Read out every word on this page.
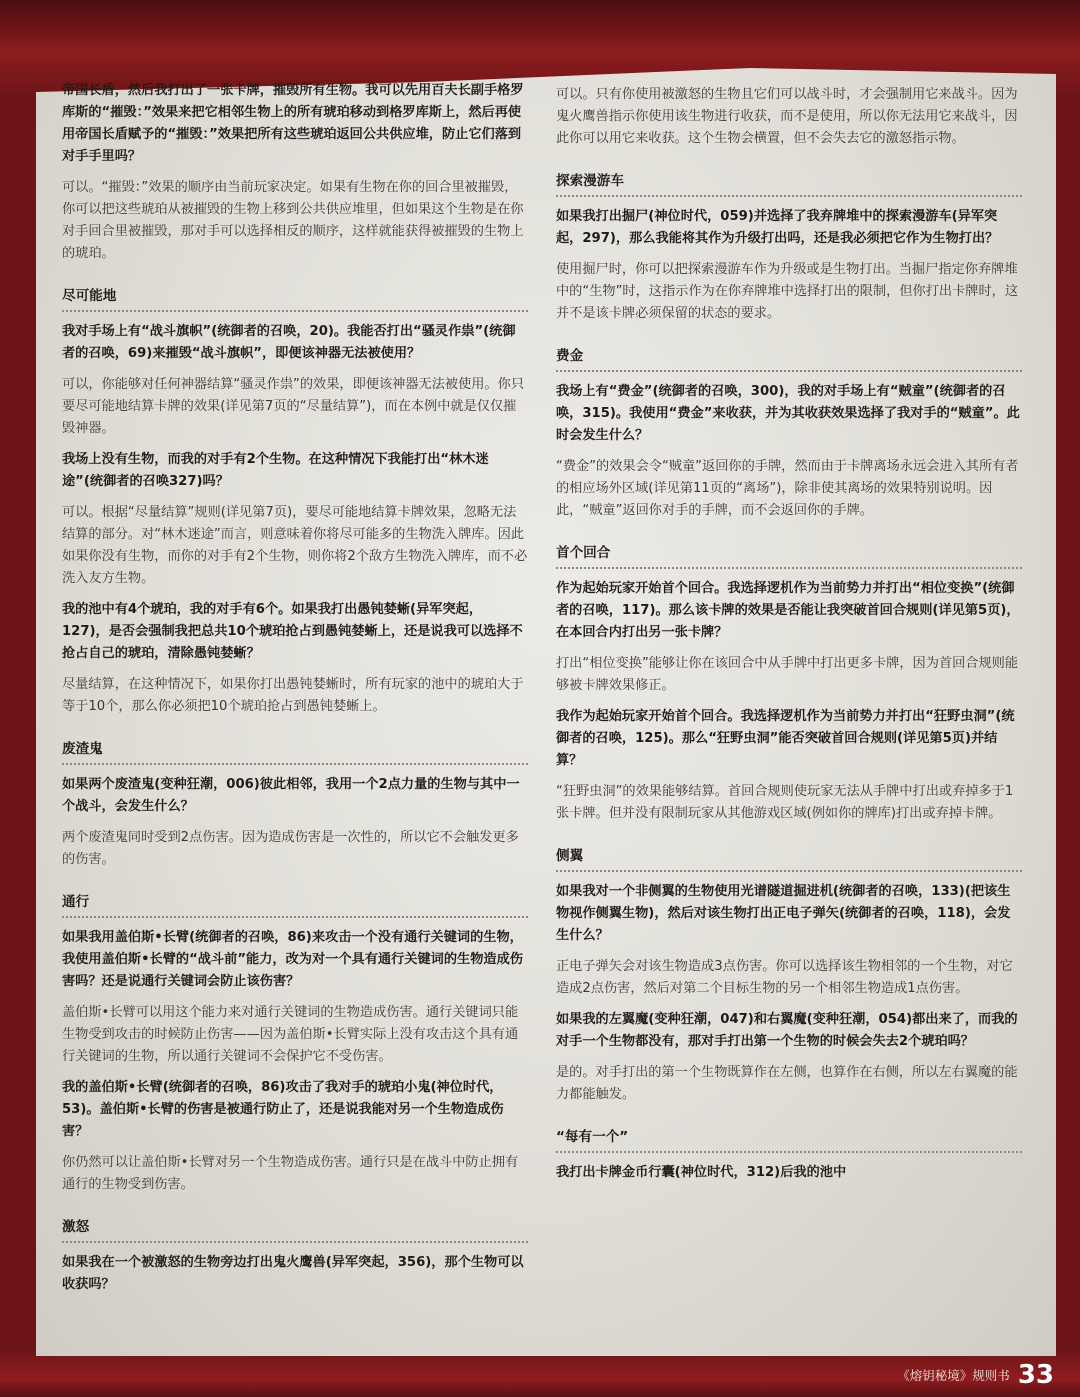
帝国长盾，然后我打出了一张卡牌，摧毁所有生物。我可以先用百夫长副手格罗库斯的“摧毁：”效果来把它相邻生物上的所有琥珀移动到格罗库斯上，然后再使用帝国长盾赋予的“摧毁：”效果把所有这些琥珀返回公共供应堆，防止它们落到对手手里吗？

可以。“摧毁：”效果的顺序由当前玩家决定。如果有生物在你的回合里被摧毁，你可以把这些琥珀从被摧毁的生物上移到公共供应堆里，但如果这个生物是在你对手回合里被摧毁，那对手可以选择相反的顺序，这样就能获得被摧毁的生物上的琥珀。

尽可能地

我对手场上有“战斗旗帜”(统御者的召唤，20)。我能否打出“骚灵作祟”(统御者的召唤，69)来摧毁“战斗旗帜”，即便该神器无法被使用？

可以，你能够对任何神器结算“骚灵作祟”的效果，即便该神器无法被使用。你只要尽可能地结算卡牌的效果(详见第7页的“尽量结算”)，而在本例中就是仅仅摧毁神器。

我场上没有生物，而我的对手有2个生物。在这种情况下我能打出“林木迷途”(统御者的召唤327)吗？

可以。根据“尽量结算”规则(详见第7页)，要尽可能地结算卡牌效果，忽略无法结算的部分。对“林木迷途”而言，则意味着你将尽可能多的生物洗入牌库。因此如果你没有生物，而你的对手有2个生物，则你将2个敌方生物洗入牌库，而不必洗入友方生物。

我的池中有4个琥珀，我的对手有6个。如果我打出愚钝婪蜥(异军突起，127)，是否会强制我把总共10个琥珀抢占到愚钝婪蜥上，还是说我可以选择不抢占自己的琥珀，清除愚钝婪蜥？

尽量结算，在这种情况下，如果你打出愚钝婪蜥时，所有玩家的池中的琥珀大于等于10个，那么你必须把10个琥珀抢占到愚钝婪蜥上。

废渣鬼

如果两个废渣鬼(变种狂潮，006)彼此相邻，我用一个2点力量的生物与其中一个战斗，会发生什么？

两个废渣鬼同时受到2点伤害。因为造成伤害是一次性的，所以它不会触发更多的伤害。

通行

如果我用盖伯斯•长臂(统御者的召唤，86)来攻击一个没有通行关键词的生物，我使用盖伯斯•长臂的“战斗前”能力，改为对一个具有通行关键词的生物造成伤害吗？还是说通行关键词会防止该伤害？

盖伯斯•长臂可以用这个能力来对通行关键词的生物造成伤害。通行关键词只能生物受到攻击的时候防止伤害——因为盖伯斯•长臂实际上没有攻击这个具有通行关键词的生物，所以通行关键词不会保护它不受伤害。

我的盖伯斯•长臂(统御者的召唤，86)攻击了我对手的琥珀小鬼(神位时代，53)。盖伯斯•长臂的伤害是被通行防止了，还是说我能对另一个生物造成伤害？

你仍然可以让盖伯斯•长臂对另一个生物造成伤害。通行只是在战斗中防止拥有通行的生物受到伤害。

激怒

如果我在一个被激怒的生物旁边打出鬼火鹰兽(异军突起，356)，那个生物可以收获吗？

可以。只有你使用被激怒的生物且它们可以战斗时，才会强制用它来战斗。因为鬼火鹰兽指示你使用该生物进行收获，而不是使用，所以你无法用它来战斗，因此你可以用它来收获。这个生物会横置，但不会失去它的激怒指示物。

探索漫游车

如果我打出掘尸(神位时代，059)并选择了我弃牌堆中的探索漫游车(异军突起，297)，那么我能将其作为升级打出吗，还是我必须把它作为生物打出？

使用掘尸时，你可以把探索漫游车作为升级或是生物打出。当掘尸指定你弃牌堆中的“生物”时，这指示作为在你弃牌堆中选择打出的限制，但你打出卡牌时，这并不是该卡牌必须保留的状态的要求。

费金

我场上有“费金”(统御者的召唤，300)，我的对手场上有“贼童”(统御者的召唤，315)。我使用“费金”来收获，并为其收获效果选择了我对手的“贼童”。此时会发生什么？

“费金”的效果会令“贼童”返回你的手牌，然而由于卡牌离场永远会进入其所有者的相应场外区域(详见第11页的“离场”)，除非使其离场的效果特别说明。因此，“贼童”返回你对手的手牌，而不会返回你的手牌。

首个回合

作为起始玩家开始首个回合。我选择逻机作为当前势力并打出“相位变换”(统御者的召唤，117)。那么该卡牌的效果是否能让我突破首回合规则(详见第5页)，在本回合内打出另一张卡牌？

打出“相位变换”能够让你在该回合中从手牌中打出更多卡牌，因为首回合规则能够被卡牌效果修正。

我作为起始玩家开始首个回合。我选择逻机作为当前势力并打出“狂野虫洞”(统御者的召唤，125)。那么“狂野虫洞”能否突破首回合规则(详见第5页)并结算？

“狂野虫洞”的效果能够结算。首回合规则使玩家无法从手牌中打出或弃掉多于1张卡牌。但并没有限制玩家从其他游戏区域(例如你的牌库)打出或弃掉卡牌。

侧翼

如果我对一个非侧翼的生物使用光谱隧道掘进机(统御者的召唤，133)(把该生物视作侧翼生物)，然后对该生物打出正电子弹矢(统御者的召唤，118)，会发生什么？

正电子弹矢会对该生物造成3点伤害。你可以选择该生物相邻的一个生物，对它造成2点伤害，然后对第二个目标生物的另一个相邻生物造成1点伤害。

如果我的左翼魔(变种狂潮，047)和右翼魔(变种狂潮，054)都出来了，而我的对手一个生物都没有，那对手打出第一个生物的时候会失去2个琥珀吗？

是的。对手打出的第一个生物既算作在左侧，也算作在右侧，所以左右翼魔的能力都能触发。

“每有一个”

我打出卡牌金币行囊(神位时代，312)后我的池中

《熔钥秘境》规则书 33
